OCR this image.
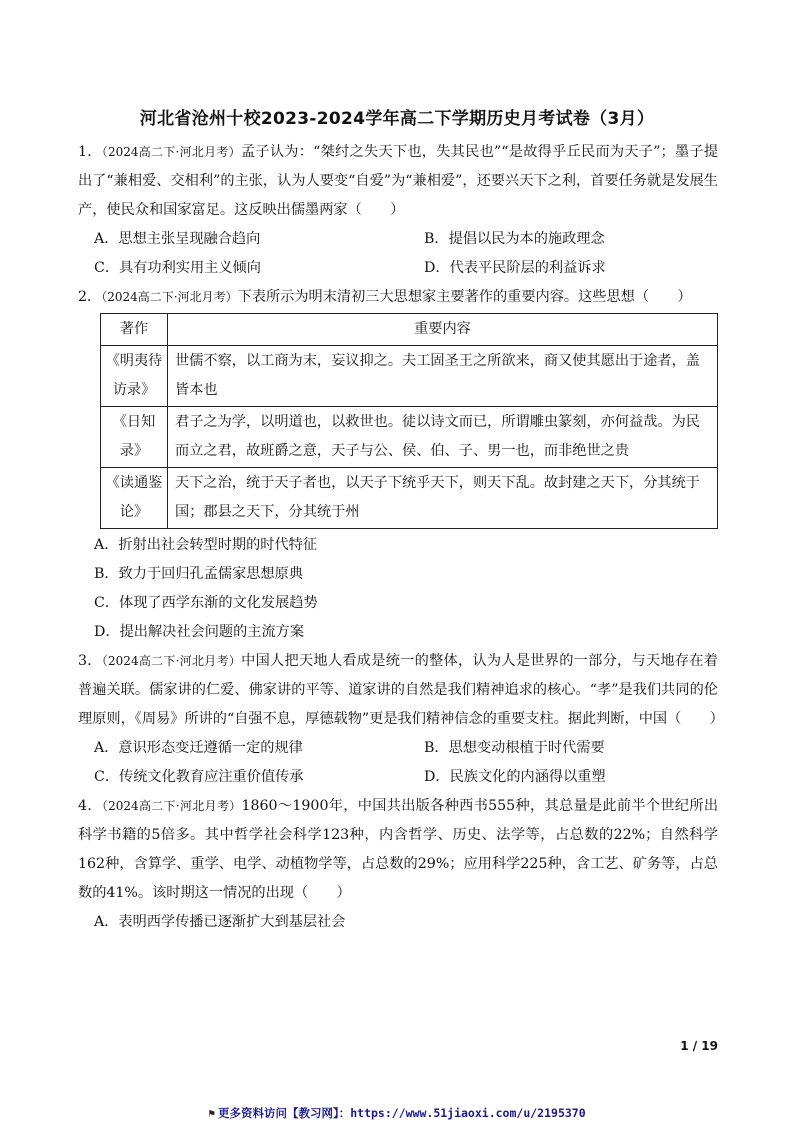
河北省沧州十校2023-2024学年高二下学期历史月考试卷（3月）

1．（2024高二下·河北月考）孟子认为：“桀纣之失天下也，失其民也”“是故得乎丘民而为天子”；墨子提出了“兼相爱、交相利”的主张，认为人要变“自爱”为“兼相爱”，还要兴天下之利，首要任务就是发展生产，使民众和国家富足。这反映出儒墨两家（　　）

A．思想主张呈现融合趋向	B．提倡以民为本的施政理念
C．具有功利实用主义倾向	D．代表平民阶层的利益诉求

2．（2024高二下·河北月考）下表所示为明末清初三大思想家主要著作的重要内容。这些思想（　　）

著作	重要内容
《明夷待访录》	世儒不察，以工商为末，妄议抑之。夫工固圣王之所欲来，商又使其愿出于途者，盖皆本也
《日知录》	君子之为学，以明道也，以救世也。徒以诗文而已，所谓雕虫篆刻，亦何益哉。为民而立之君，故班爵之意，天子与公、侯、伯、子、男一也，而非绝世之贵
《读通鉴论》	天下之治，统于天子者也，以天子下统乎天下，则天下乱。故封建之天下，分其统于国；郡县之天下，分其统于州
A．折射出社会转型时期的时代特征
B．致力于回归孔孟儒家思想原典
C．体现了西学东渐的文化发展趋势
D．提出解决社会问题的主流方案

3．（2024高二下·河北月考）中国人把天地人看成是统一的整体，认为人是世界的一部分，与天地存在着普遍关联。儒家讲的仁爱、佛家讲的平等、道家讲的自然是我们精神追求的核心。“孝”是我们共同的伦理原则，《周易》所讲的“自强不息，厚德载物”更是我们精神信念的重要支柱。据此判断，中国（　　）

A．意识形态变迁遵循一定的规律	B．思想变动根植于时代需要
C．传统文化教育应注重价值传承	D．民族文化的内涵得以重塑

4．（2024高二下·河北月考）1860～1900年，中国共出版各种西书555种，其总量是此前半个世纪所出科学书籍的5倍多。其中哲学社会科学123种，内含哲学、历史、法学等，占总数的22%；自然科学162种，含算学、重学、电学、动植物学等，占总数的29%；应用科学225种，含工艺、矿务等，占总数的41%。该时期这一情况的出现（　　）

A．表明西学传播已逐渐扩大到基层社会
1 / 19
⚑ 更多资料访问【教习网】：https://www.51jiaoxi.com/u/2195370
